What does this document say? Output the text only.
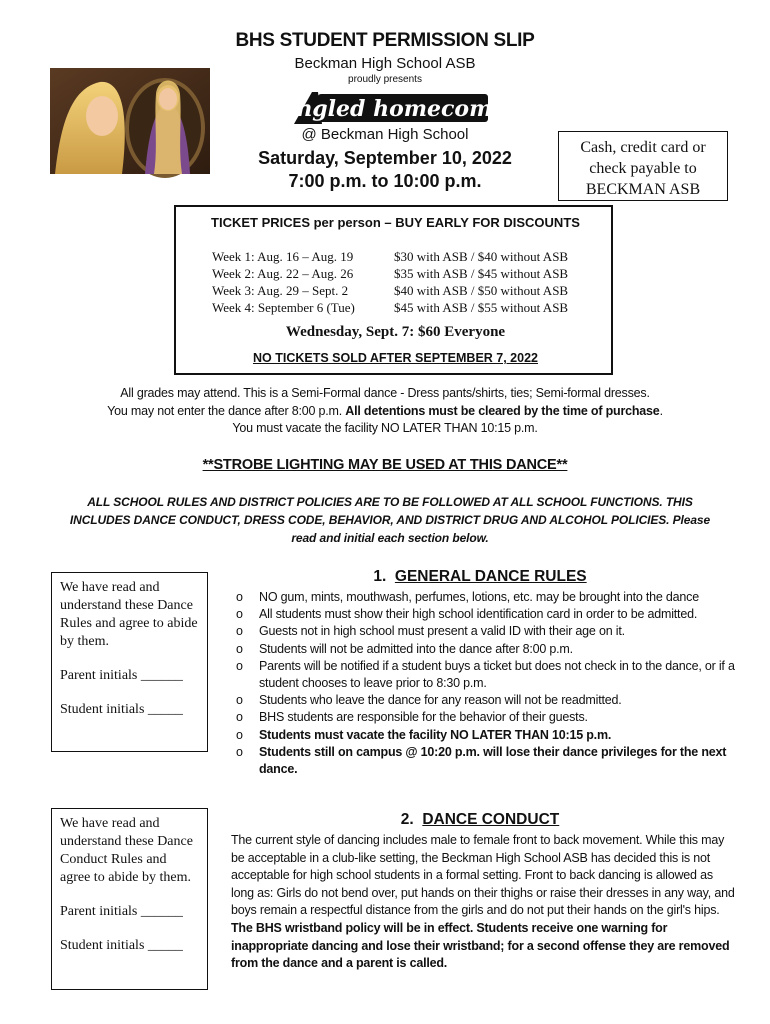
BHS STUDENT PERMISSION SLIP
Beckman High School ASB
proudly presents
tangled homecoming
@ Beckman High School
Saturday, September 10, 2022
7:00 p.m. to 10:00 p.m.
Cash, credit card or
check payable to
BECKMAN ASB
TICKET PRICES per person – BUY EARLY FOR DISCOUNTS
Week 1: Aug. 16 – Aug. 19
Week 2: Aug. 22 – Aug. 26
Week 3: Aug. 29 – Sept. 2
Week 4: September 6 (Tue)
$30 with ASB / $40 without ASB
$35 with ASB / $45 without ASB
$40 with ASB / $50 without ASB
$45 with ASB / $55 without ASB
Wednesday, Sept. 7: $60 Everyone
NO TICKETS SOLD AFTER SEPTEMBER 7, 2022
All grades may attend. This is a Semi-Formal dance - Dress pants/shirts, ties; Semi-formal dresses.
You may not enter the dance after 8:00 p.m. All detentions must be cleared by the time of purchase.
You must vacate the facility NO LATER THAN 10:15 p.m.
**STROBE LIGHTING MAY BE USED AT THIS DANCE**
ALL SCHOOL RULES AND DISTRICT POLICIES ARE TO BE FOLLOWED AT ALL SCHOOL FUNCTIONS. THIS
INCLUDES DANCE CONDUCT, DRESS CODE, BEHAVIOR, AND DISTRICT DRUG AND ALCOHOL POLICIES. Please
read and initial each section below.

We have read and understand these Dance Rules and agree to abide by them.

Parent initials ______

Student initials _____

1. GENERAL DANCE RULES
o NO gum, mints, mouthwash, perfumes, lotions, etc. may be brought into the dance
o All students must show their high school identification card in order to be admitted.
o Guests not in high school must present a valid ID with their age on it.
o Students will not be admitted into the dance after 8:00 p.m.
o Parents will be notified if a student buys a ticket but does not check in to the dance, or if a student chooses to leave prior to 8:30 p.m.
o Students who leave the dance for any reason will not be readmitted.
o BHS students are responsible for the behavior of their guests.
o Students must vacate the facility NO LATER THAN 10:15 p.m.
o Students still on campus @ 10:20 p.m. will lose their dance privileges for the next dance.

We have read and understand these Dance Conduct Rules and agree to abide by them.

Parent initials ______

Student initials _____

2. DANCE CONDUCT
The current style of dancing includes male to female front to back movement. While this may be acceptable in a club-like setting, the Beckman High School ASB has decided this is not acceptable for high school students in a formal setting. Front to back dancing is allowed as long as: Girls do not bend over, put hands on their thighs or raise their dresses in any way, and boys remain a respectful distance from the girls and do not put their hands on the girl's hips. The BHS wristband policy will be in effect. Students receive one warning for inappropriate dancing and lose their wristband; for a second offense they are removed from the dance and a parent is called.
